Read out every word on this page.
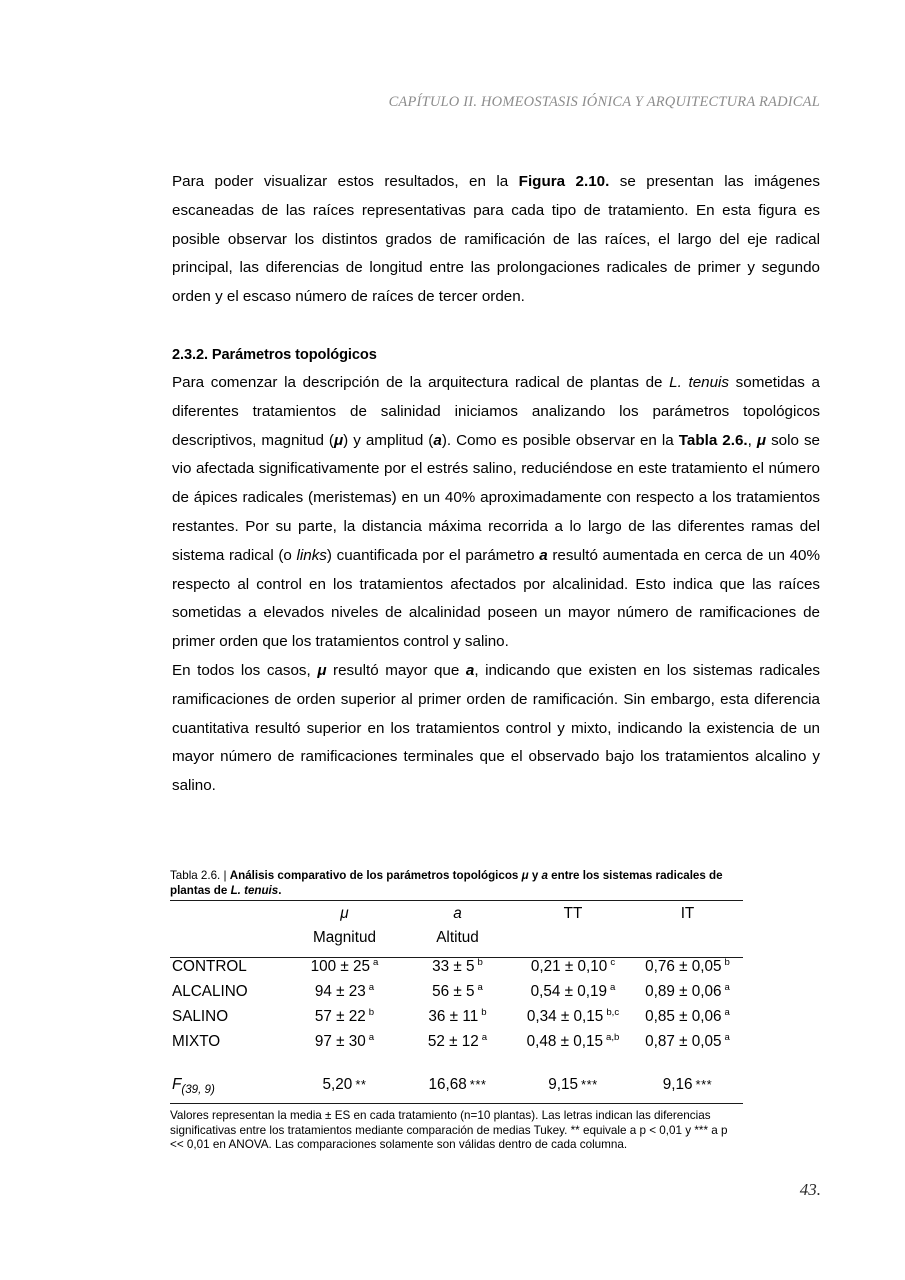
CAPÍTULO II. HOMEOSTASIS IÓNICA Y ARQUITECTURA RADICAL

Para poder visualizar estos resultados, en la Figura 2.10. se presentan las imágenes escaneadas de las raíces representativas para cada tipo de tratamiento. En esta figura es posible observar los distintos grados de ramificación de las raíces, el largo del eje radical principal, las diferencias de longitud entre las prolongaciones radicales de primer y segundo orden y el escaso número de raíces de tercer orden.

2.3.2. Parámetros topológicos

Para comenzar la descripción de la arquitectura radical de plantas de L. tenuis sometidas a diferentes tratamientos de salinidad iniciamos analizando los parámetros topológicos descriptivos, magnitud (μ) y amplitud (a). Como es posible observar en la Tabla 2.6., μ solo se vio afectada significativamente por el estrés salino, reduciéndose en este tratamiento el número de ápices radicales (meristemas) en un 40% aproximadamente con respecto a los tratamientos restantes. Por su parte, la distancia máxima recorrida a lo largo de las diferentes ramas del sistema radical (o links) cuantificada por el parámetro a resultó aumentada en cerca de un 40% respecto al control en los tratamientos afectados por alcalinidad. Esto indica que las raíces sometidas a elevados niveles de alcalinidad poseen un mayor número de ramificaciones de primer orden que los tratamientos control y salino.

En todos los casos, μ resultó mayor que a, indicando que existen en los sistemas radicales ramificaciones de orden superior al primer orden de ramificación. Sin embargo, esta diferencia cuantitativa resultó superior en los tratamientos control y mixto, indicando la existencia de un mayor número de ramificaciones terminales que el observado bajo los tratamientos alcalino y salino.

Tabla 2.6. | Análisis comparativo de los parámetros topológicos μ y a entre los sistemas radicales de plantas de L. tenuis.
	μ	a	TT	IT
	Magnitud	Altitud		
CONTROL	100 ± 25 $^a$	33 ± 5 $^b$	0,21 ± 0,10 $^c$	0,76 ± 0,05 $^b$
ALCALINO	94 ± 23 $^a$	56 ± 5 $^a$	0,54 ± 0,19 $^a$	0,89 ± 0,06 $^a$
SALINO	57 ± 22 $^b$	36 ± 11 $^b$	0,34 ± 0,15 $^{b,c}$	0,85 ± 0,06 $^a$
MIXTO	97 ± 30 $^a$	52 ± 12 $^a$	0,48 ± 0,15 $^{a,b}$	0,87 ± 0,05 $^a$

$F_{(39, 9)}$	5,20 **	16,68 ***	9,15 ***	9,16 ***
Valores representan la media ± ES en cada tratamiento (n=10 plantas). Las letras indican las diferencias significativas entre los tratamientos mediante comparación de medias Tukey. ** equivale a p < 0,01 y *** a p << 0,01 en ANOVA. Las comparaciones solamente son válidas dentro de cada columna.
43.
